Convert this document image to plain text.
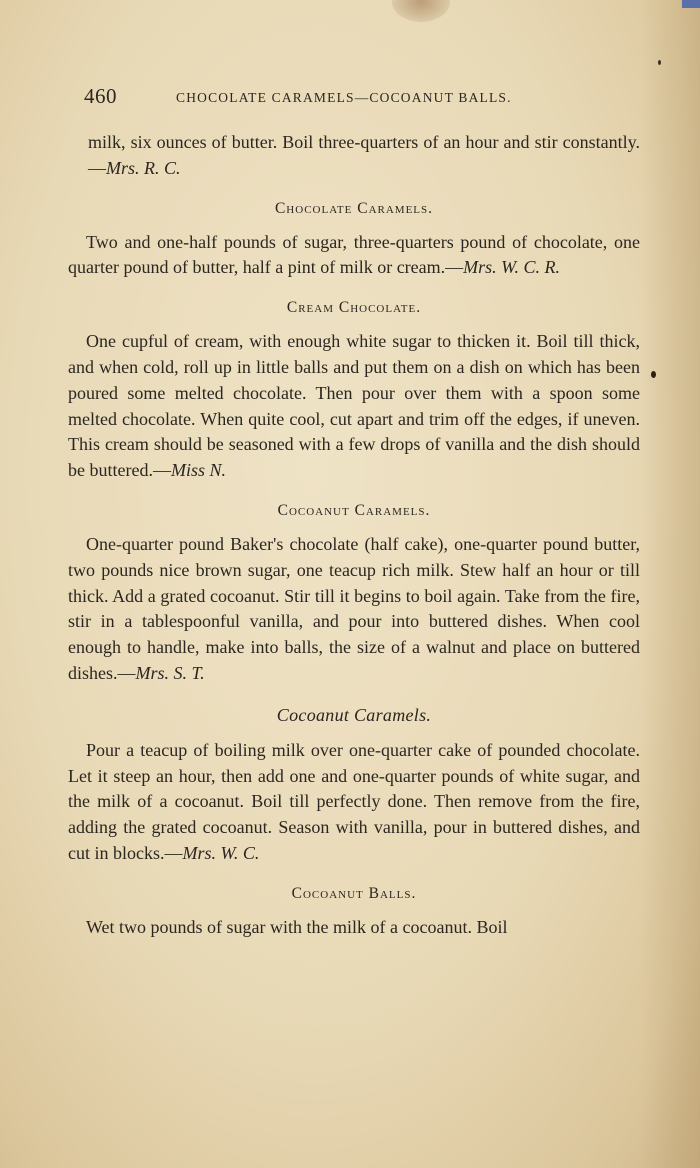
460	CHOCOLATE CARAMELS—COCOANUT BALLS.

milk, six ounces of butter. Boil three-quarters of an hour and stir constantly.—Mrs. R. C.

Chocolate Caramels.

Two and one-half pounds of sugar, three-quarters pound of chocolate, one quarter pound of butter, half a pint of milk or cream.—Mrs. W. C. R.

Cream Chocolate.

One cupful of cream, with enough white sugar to thicken it. Boil till thick, and when cold, roll up in little balls and put them on a dish on which has been poured some melted chocolate. Then pour over them with a spoon some melted chocolate. When quite cool, cut apart and trim off the edges, if uneven. This cream should be seasoned with a few drops of vanilla and the dish should be buttered.—Miss N.

Cocoanut Caramels.

One-quarter pound Baker's chocolate (half cake), one-quarter pound butter, two pounds nice brown sugar, one teacup rich milk. Stew half an hour or till thick. Add a grated cocoanut. Stir till it begins to boil again. Take from the fire, stir in a tablespoonful vanilla, and pour into buttered dishes. When cool enough to handle, make into balls, the size of a walnut and place on buttered dishes.—Mrs. S. T.

Cocoanut Caramels.

Pour a teacup of boiling milk over one-quarter cake of pounded chocolate. Let it steep an hour, then add one and one-quarter pounds of white sugar, and the milk of a cocoanut. Boil till perfectly done. Then remove from the fire, adding the grated cocoanut. Season with vanilla, pour in buttered dishes, and cut in blocks.—Mrs. W. C.

Cocoanut Balls.

Wet two pounds of sugar with the milk of a cocoanut. Boil
